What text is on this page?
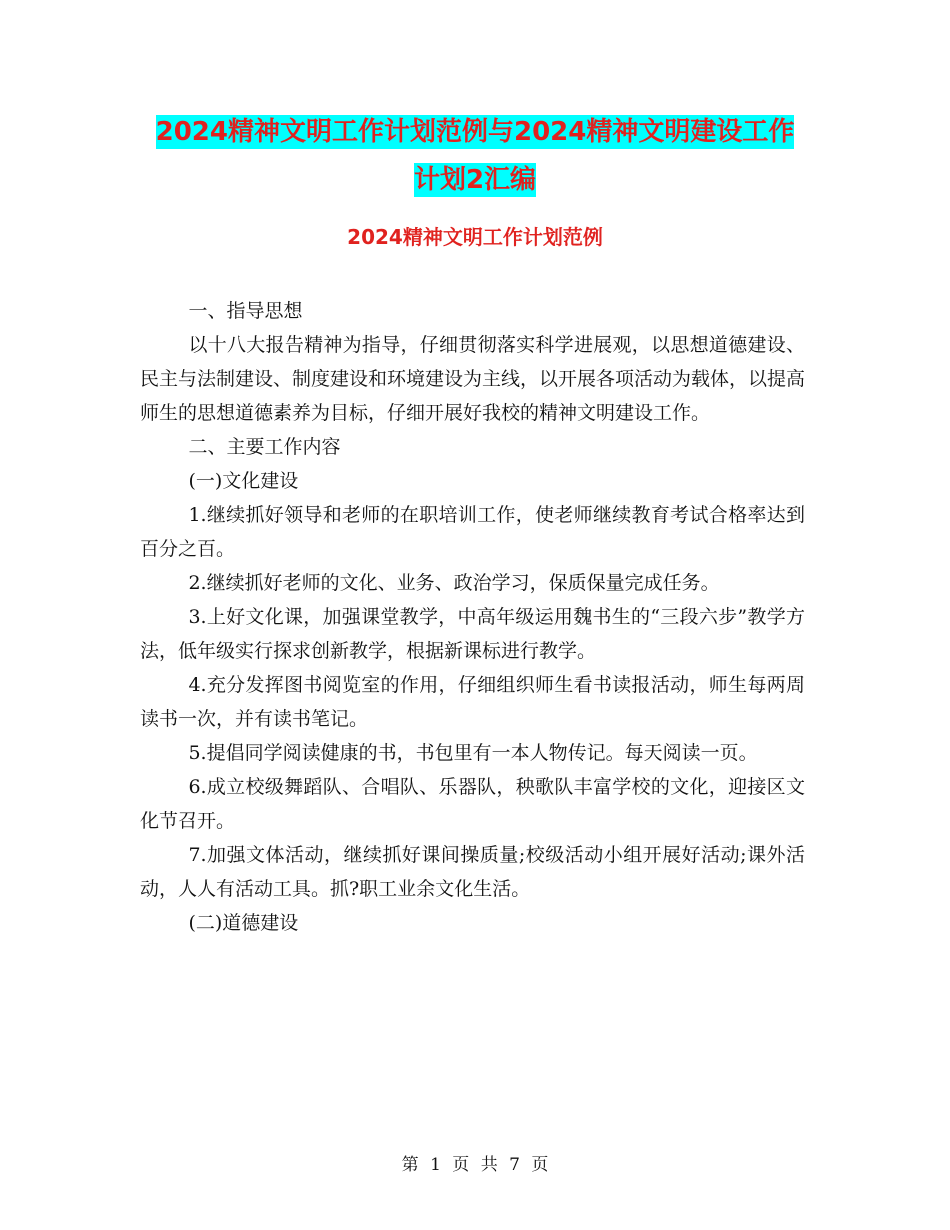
2024精神文明工作计划范例与2024精神文明建设工作
计划2汇编
2024精神文明工作计划范例

一、指导思想

以十八大报告精神为指导，仔细贯彻落实科学进展观，以思想道德建设、民主与法制建设、制度建设和环境建设为主线，以开展各项活动为载体，以提高师生的思想道德素养为目标，仔细开展好我校的精神文明建设工作。

二、主要工作内容

(一)文化建设

1.继续抓好领导和老师的在职培训工作，使老师继续教育考试合格率达到百分之百。

2.继续抓好老师的文化、业务、政治学习，保质保量完成任务。

3.上好文化课，加强课堂教学，中高年级运用魏书生的“三段六步”教学方法，低年级实行探求创新教学，根据新课标进行教学。

4.充分发挥图书阅览室的作用，仔细组织师生看书读报活动，师生每两周读书一次，并有读书笔记。

5.提倡同学阅读健康的书，书包里有一本人物传记。每天阅读一页。

6.成立校级舞蹈队、合唱队、乐器队，秧歌队丰富学校的文化，迎接区文化节召开。

7.加强文体活动，继续抓好课间操质量;校级活动小组开展好活动;课外活动，人人有活动工具。抓?职工业余文化生活。

(二)道德建设

第 1 页 共 7 页
